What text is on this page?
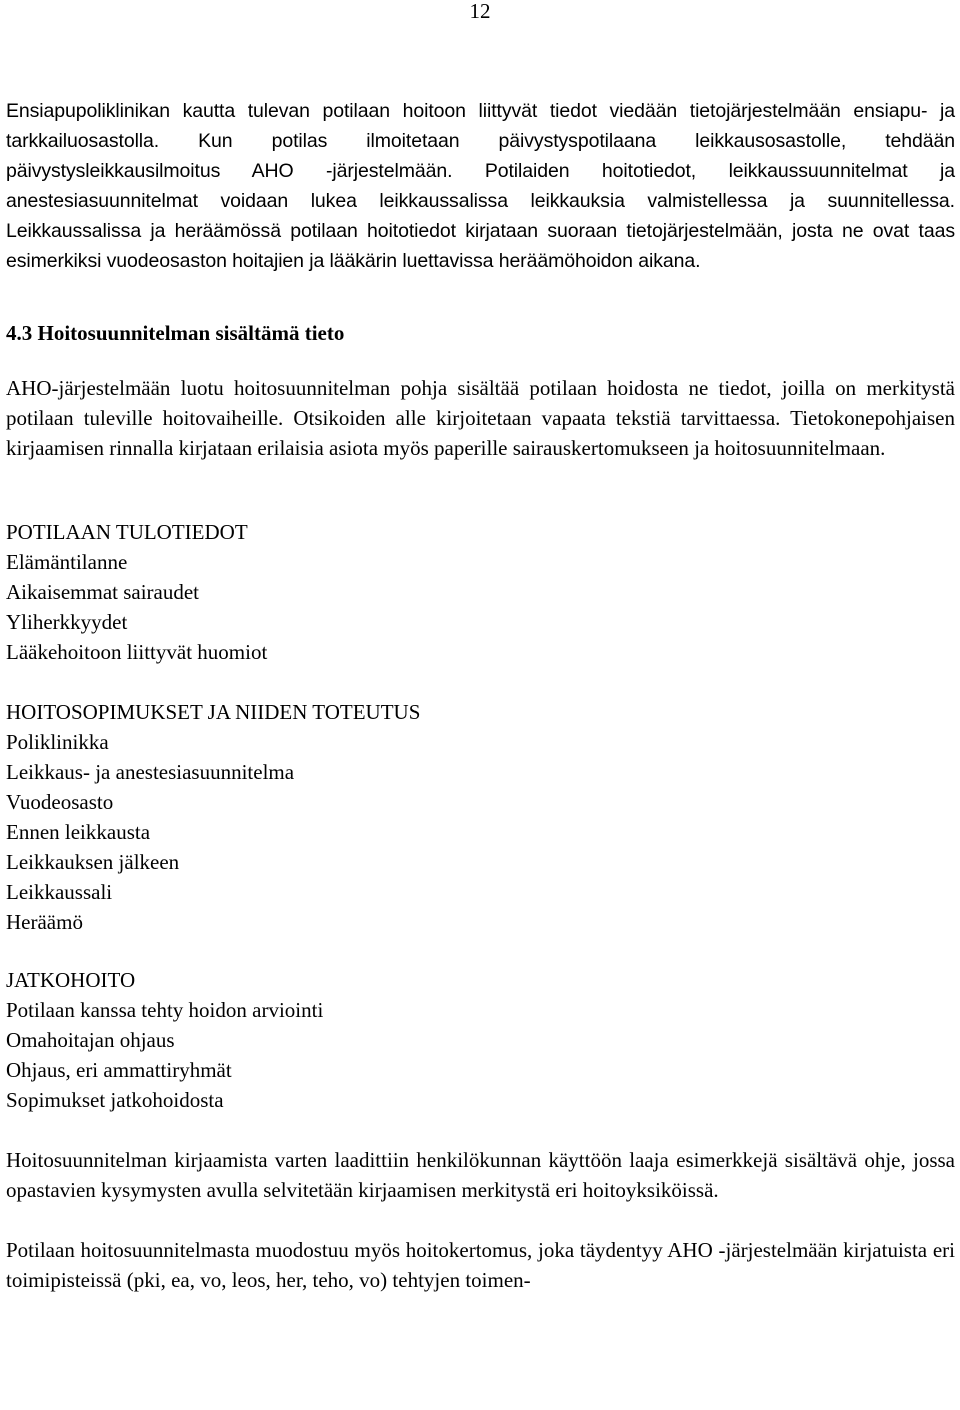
12

Ensiapupoliklinikan kautta tulevan potilaan hoitoon liittyvät tiedot viedään tietojärjestelmään ensiapu- ja tarkkailuosastolla. Kun potilas ilmoitetaan päivystyspotilaana leikkausosastolle, tehdään päivystysleikkausilmoitus AHO -järjestelmään. Potilaiden hoitotiedot, leikkaussuunnitelmat ja anestesiasuunnitelmat voidaan lukea leikkaussalissa leikkauksia valmistellessa ja suunnitellessa. Leikkaussalissa ja heräämössä potilaan hoitotiedot kirjataan suoraan tietojärjestelmään, josta ne ovat taas esimerkiksi vuodeosaston hoitajien ja lääkärin luettavissa heräämöhoidon aikana.

4.3 Hoitosuunnitelman sisältämä tieto

AHO-järjestelmään luotu hoitosuunnitelman pohja sisältää potilaan hoidosta ne tiedot, joilla on merkitystä potilaan tuleville hoitovaiheille. Otsikoiden alle kirjoitetaan vapaata tekstiä tarvittaessa. Tietokonepohjaisen kirjaamisen rinnalla kirjataan erilaisia asiota myös paperille sairauskertomukseen ja hoitosuunnitelmaan.

POTILAAN TULOTIEDOT
Elämäntilanne
Aikaisemmat sairaudet
Yliherkkyydet
Lääkehoitoon liittyvät huomiot
HOITOSOPIMUKSET JA NIIDEN TOTEUTUS
Poliklinikka
Leikkaus- ja anestesiasuunnitelma
Vuodeosasto
Ennen leikkausta
Leikkauksen jälkeen
Leikkaussali
Heräämö
JATKOHOITO
Potilaan kanssa tehty hoidon arviointi
Omahoitajan ohjaus
Ohjaus, eri ammattiryhmät
Sopimukset jatkohoidosta

Hoitosuunnitelman kirjaamista varten laadittiin henkilökunnan käyttöön laaja esimerkkejä sisältävä ohje, jossa opastavien kysymysten avulla selvitetään kirjaamisen merkitystä eri hoitoyksiköissä.

Potilaan hoitosuunnitelmasta muodostuu myös hoitokertomus, joka täydentyy AHO -järjestelmään kirjatuista eri toimipisteissä (pki, ea, vo, leos, her, teho, vo) tehtyjen toimen-
